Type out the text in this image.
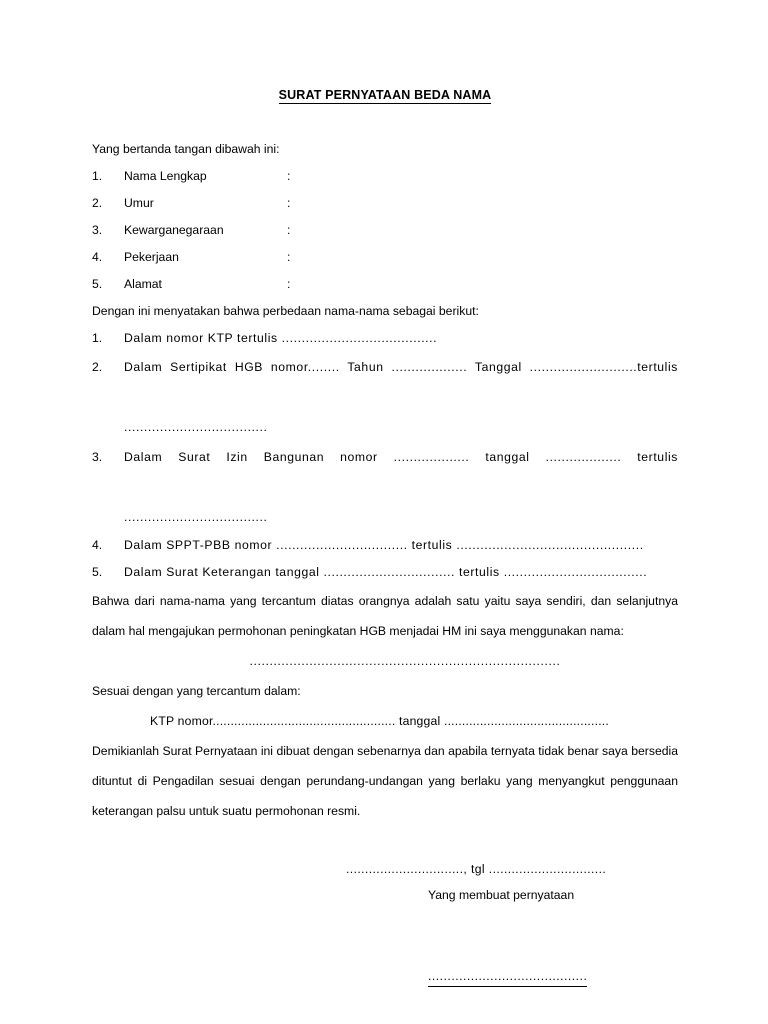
SURAT PERNYATAAN BEDA NAMA

Yang bertanda tangan dibawah ini:

1.	Nama Lengkap	:
2.	Umur	:
3.	Kewarganegaraan	:
4.	Pekerjaan	:
5.	Alamat	:

Dengan ini menyatakan bahwa perbedaan nama-nama sebagai berikut:

1.	Dalam nomor KTP tertulis .......................................
2.	Dalam Sertipikat HGB nomor........ Tahun ................... Tanggal ...........................tertulis
....................................
3.	Dalam Surat Izin Bangunan nomor ................... tanggal ................... tertulis
....................................
4.	Dalam SPPT-PBB nomor ................................. tertulis ...............................................
5.	Dalam Surat Keterangan tanggal ................................. tertulis ....................................

Bahwa dari nama-nama yang tercantum diatas orangnya adalah satu yaitu saya sendiri, dan selanjutnya dalam hal mengajukan permohonan peningkatan HGB menjadai HM ini saya menggunakan nama:

..............................................................................

Sesuai dengan yang tercantum dalam:

KTP nomor................................................... tanggal ..............................................

Demikianlah Surat Pernyataan ini dibuat dengan sebenarnya dan apabila ternyata tidak benar saya bersedia dituntut di Pengadilan sesuai dengan perundang-undangan yang berlaku yang menyangkut penggunaan keterangan palsu untuk suatu permohonan resmi.

..............................., tgl ...............................
Yang membuat pernyataan
.........................................
